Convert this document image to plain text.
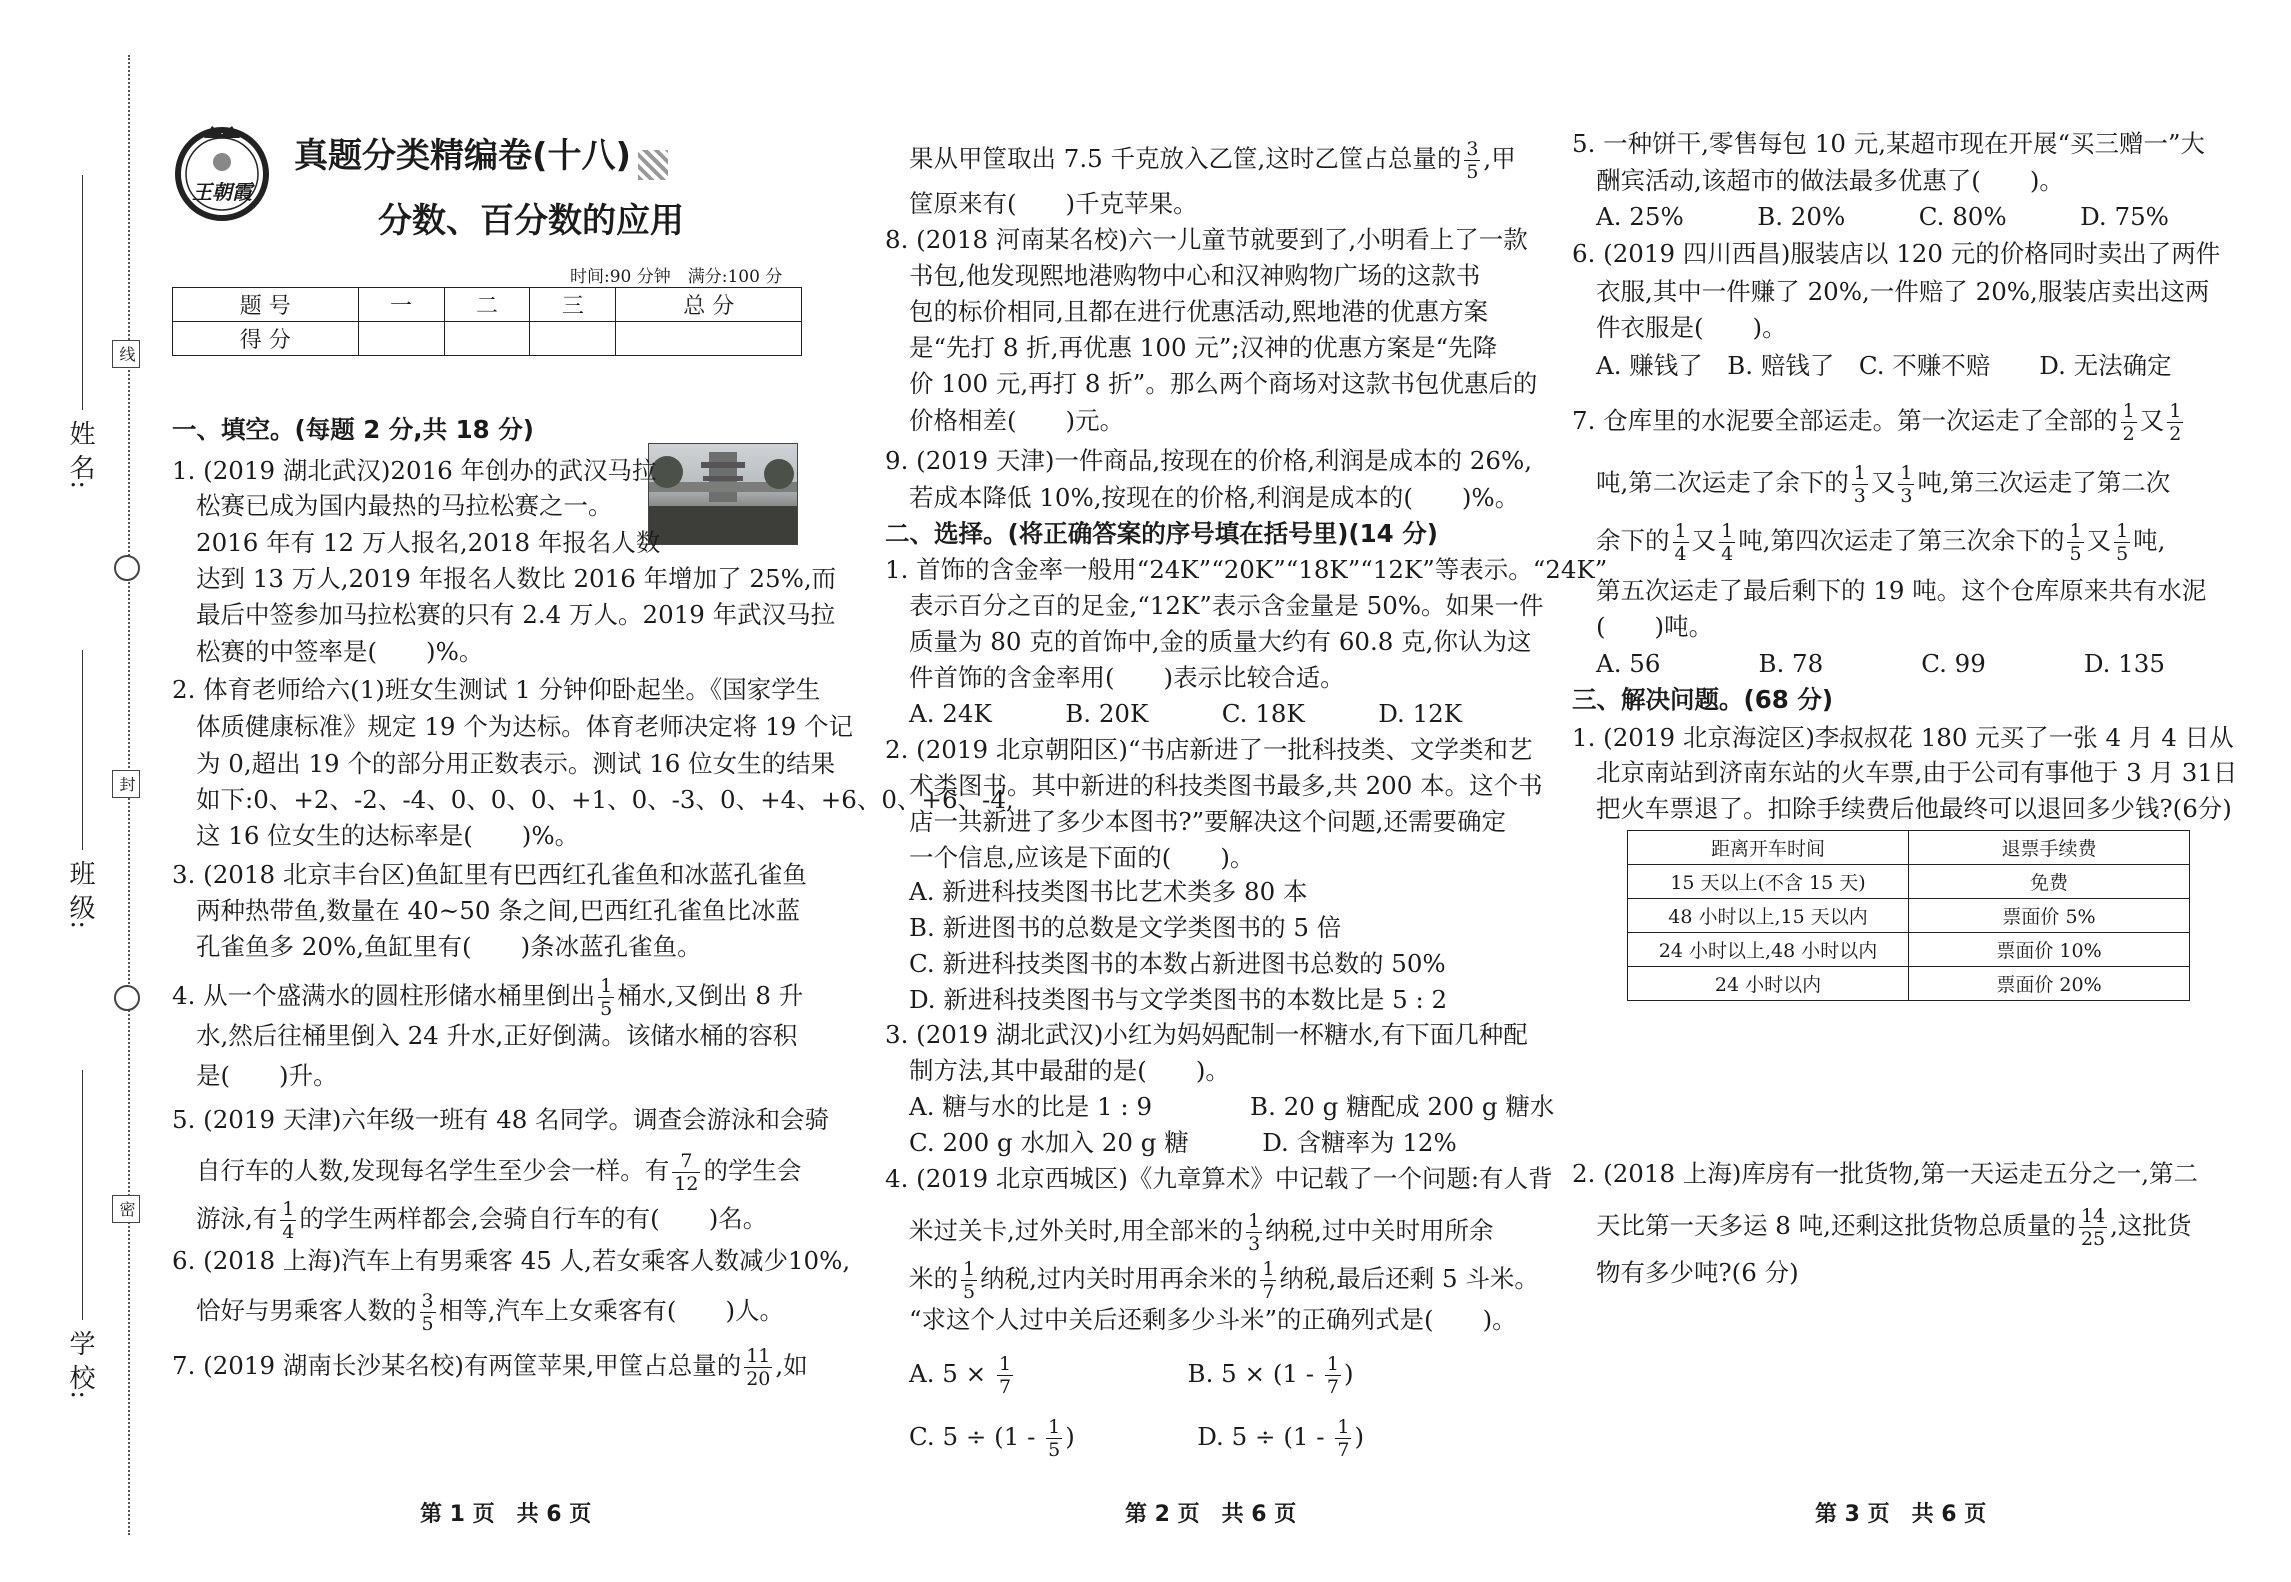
姓 名:
班 级:
学 校:
线
封
密
王朝霞
真题分类精编卷(十八)
分数、百分数的应用
时间:90 分钟　满分:100 分
题 号	一	二	三	总 分
得 分				
一、填空。(每题 2 分,共 18 分)
1. (2019 湖北武汉)2016 年创办的武汉马拉
松赛已成为国内最热的马拉松赛之一。
2016 年有 12 万人报名,2018 年报名人数
达到 13 万人,2019 年报名人数比 2016 年增加了 25%,而
最后中签参加马拉松赛的只有 2.4 万人。2019 年武汉马拉
松赛的中签率是(　　)%。
2. 体育老师给六(1)班女生测试 1 分钟仰卧起坐。《国家学生
体质健康标准》规定 19 个为达标。体育老师决定将 19 个记
为 0,超出 19 个的部分用正数表示。测试 16 位女生的结果
如下:0、+2、-2、-4、0、0、0、+1、0、-3、0、+4、+6、0、+6、-4,
这 16 位女生的达标率是(　　)%。
3. (2018 北京丰台区)鱼缸里有巴西红孔雀鱼和冰蓝孔雀鱼
两种热带鱼,数量在 40~50 条之间,巴西红孔雀鱼比冰蓝
孔雀鱼多 20%,鱼缸里有(　　)条冰蓝孔雀鱼。
4. 从一个盛满水的圆柱形储水桶里倒出 $\frac{1}{5}$ 桶水,又倒出 8 升
水,然后往桶里倒入 24 升水,正好倒满。该储水桶的容积
是(　　)升。
5. (2019 天津)六年级一班有 48 名同学。调查会游泳和会骑
自行车的人数,发现每名学生至少会一样。有 $\frac{7}{12}$ 的学生会
游泳,有 $\frac{1}{4}$ 的学生两样都会,会骑自行车的有(　　)名。
6. (2018 上海)汽车上有男乘客 45 人,若女乘客人数减少10%,
恰好与男乘客人数的 $\frac{3}{5}$ 相等,汽车上女乘客有(　　)人。
7. (2019 湖南长沙某名校)有两筐苹果,甲筐占总量的 $\frac{11}{20}$ ,如
果从甲筐取出 7.5 千克放入乙筐,这时乙筐占总量的 $\frac{3}{5}$ ,甲
筐原来有(　　)千克苹果。
8. (2018 河南某名校)六一儿童节就要到了,小明看上了一款
书包,他发现熙地港购物中心和汉神购物广场的这款书
包的标价相同,且都在进行优惠活动,熙地港的优惠方案
是“先打 8 折,再优惠 100 元”;汉神的优惠方案是“先降
价 100 元,再打 8 折”。那么两个商场对这款书包优惠后的
价格相差(　　)元。
9. (2019 天津)一件商品,按现在的价格,利润是成本的 26%,
若成本降低 10%,按现在的价格,利润是成本的(　　)%。
二、选择。(将正确答案的序号填在括号里)(14 分)
1. 首饰的含金率一般用“24K”“20K”“18K”“12K”等表示。“24K”
表示百分之百的足金,“12K”表示含金量是 50%。如果一件
质量为 80 克的首饰中,金的质量大约有 60.8 克,你认为这
件首饰的含金率用(　　)表示比较合适。
A. 24K　　　B. 20K　　　C. 18K　　　D. 12K
2. (2019 北京朝阳区)“书店新进了一批科技类、文学类和艺
术类图书。其中新进的科技类图书最多,共 200 本。这个书
店一共新进了多少本图书?”要解决这个问题,还需要确定
一个信息,应该是下面的(　　)。
A. 新进科技类图书比艺术类多 80 本
B. 新进图书的总数是文学类图书的 5 倍
C. 新进科技类图书的本数占新进图书总数的 50%
D. 新进科技类图书与文学类图书的本数比是 5 : 2
3. (2019 湖北武汉)小红为妈妈配制一杯糖水,有下面几种配
制方法,其中最甜的是(　　)。
A. 糖与水的比是 1 : 9　　　　B. 20 g 糖配成 200 g 糖水
C. 200 g 水加入 20 g 糖　　　D. 含糖率为 12%
4. (2019 北京西城区)《九章算术》中记载了一个问题:有人背
米过关卡,过外关时,用全部米的 $\frac{1}{3}$ 纳税,过中关时用所余
米的 $\frac{1}{5}$ 纳税,过内关时用再余米的 $\frac{1}{7}$ 纳税,最后还剩 5 斗米。
“求这个人过中关后还剩多少斗米”的正确列式是(　　)。
A. $5 \times \frac{1}{7}$ 　　　　　　　B. $5 \times (1 - \frac{1}{7}$ )
C. $5 \div (1 - \frac{1}{5}$ )　　　　　D. $5 \div (1 - \frac{1}{7}$ )
5. 一种饼干,零售每包 10 元,某超市现在开展“买三赠一”大
酬宾活动,该超市的做法最多优惠了(　　)。
A. 25%　　　B. 20%　　　C. 80%　　　D. 75%
6. (2019 四川西昌)服装店以 120 元的价格同时卖出了两件
衣服,其中一件赚了 20%,一件赔了 20%,服装店卖出这两
件衣服是(　　)。
A. 赚钱了　B. 赔钱了　C. 不赚不赔　　D. 无法确定
7. 仓库里的水泥要全部运走。第一次运走了全部的 $\frac{1}{2}$ 又 $\frac{1}{2}$
吨,第二次运走了余下的 $\frac{1}{3}$ 又 $\frac{1}{3}$ 吨,第三次运走了第二次
余下的 $\frac{1}{4}$ 又 $\frac{1}{4}$ 吨,第四次运走了第三次余下的 $\frac{1}{5}$ 又 $\frac{1}{5}$ 吨,
第五次运走了最后剩下的 19 吨。这个仓库原来共有水泥
(　　)吨。
A. 56　　　　B. 78　　　　C. 99　　　　D. 135
三、解决问题。(68 分)
1. (2019 北京海淀区)李叔叔花 180 元买了一张 4 月 4 日从
北京南站到济南东站的火车票,由于公司有事他于 3 月 31日
把火车票退了。扣除手续费后他最终可以退回多少钱?(6分)
2. (2018 上海)库房有一批货物,第一天运走五分之一,第二
天比第一天多运 8 吨,还剩这批货物总质量的 $\frac{14}{25}$ ,这批货
物有多少吨?(6 分)
距离开车时间	退票手续费
15 天以上(不含 15 天)	免费
48 小时以上,15 天以内	票面价 5%
24 小时以上,48 小时以内	票面价 10%
24 小时以内	票面价 20%
第 1 页　共 6 页	第 2 页　共 6 页	第 3 页　共 6 页
